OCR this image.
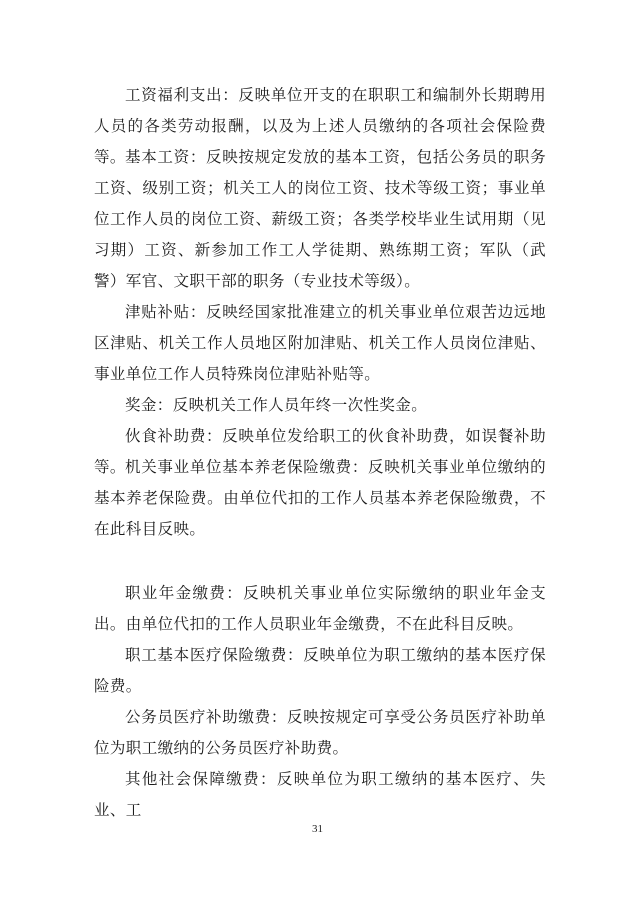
工资福利支出：反映单位开支的在职职工和编制外长期聘用人员的各类劳动报酬，以及为上述人员缴纳的各项社会保险费等。 基本工资：反映按规定发放的基本工资，包括公务员的职务工资、级别工资；机关工人的岗位工资、技术等级工资；事业单位工作人员的岗位工资、薪级工资；各类学校毕业生试用期（见习期）工资、新参加工作工人学徒期、熟练期工资；军队（武警）军官、文职干部的职务（专业技术等级）。

津贴补贴：反映经国家批准建立的机关事业单位艰苦边远地区津贴、机关工作人员地区附加津贴、机关工作人员岗位津贴、事业单位工作人员特殊岗位津贴补贴等。

奖金：反映机关工作人员年终一次性奖金。

伙食补助费：反映单位发给职工的伙食补助费，如误餐补助等。 机关事业单位基本养老保险缴费：反映机关事业单位缴纳的基本养老保险费。由单位代扣的工作人员基本养老保险缴费，不在此科目反映。

职业年金缴费：反映机关事业单位实际缴纳的职业年金支出。由单位代扣的工作人员职业年金缴费，不在此科目反映。

职工基本医疗保险缴费：反映单位为职工缴纳的基本医疗保险费。

公务员医疗补助缴费：反映按规定可享受公务员医疗补助单位为职工缴纳的公务员医疗补助费。

其他社会保障缴费：反映单位为职工缴纳的基本医疗、失业、工

31
